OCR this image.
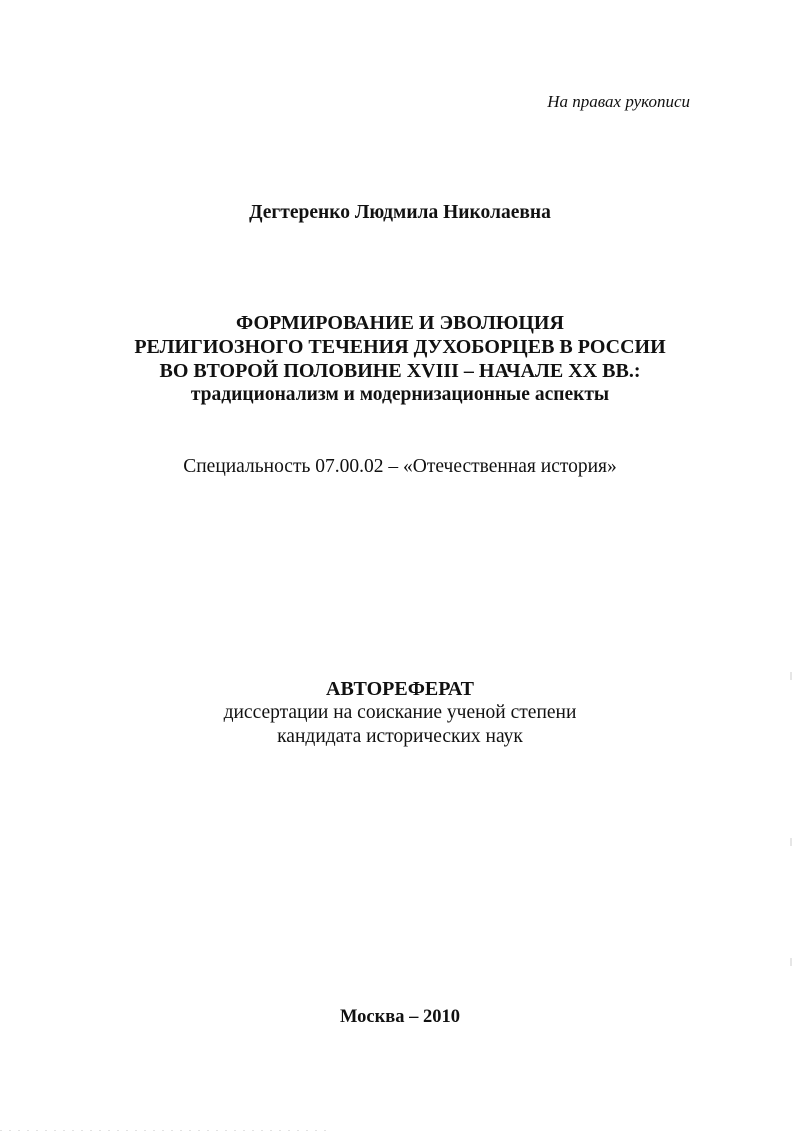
На правах рукописи
Дегтеренко Людмила Николаевна
ФОРМИРОВАНИЕ И ЭВОЛЮЦИЯ
РЕЛИГИОЗНОГО ТЕЧЕНИЯ ДУХОБОРЦЕВ В РОССИИ
ВО ВТОРОЙ ПОЛОВИНЕ XVIII – НАЧАЛЕ XX ВВ.:
традиционализм и модернизационные аспекты
Специальность 07.00.02 – «Отечественная история»
АВТОРЕФЕРАТ
диссертации на соискание ученой степени
кандидата исторических наук
Москва – 2010
